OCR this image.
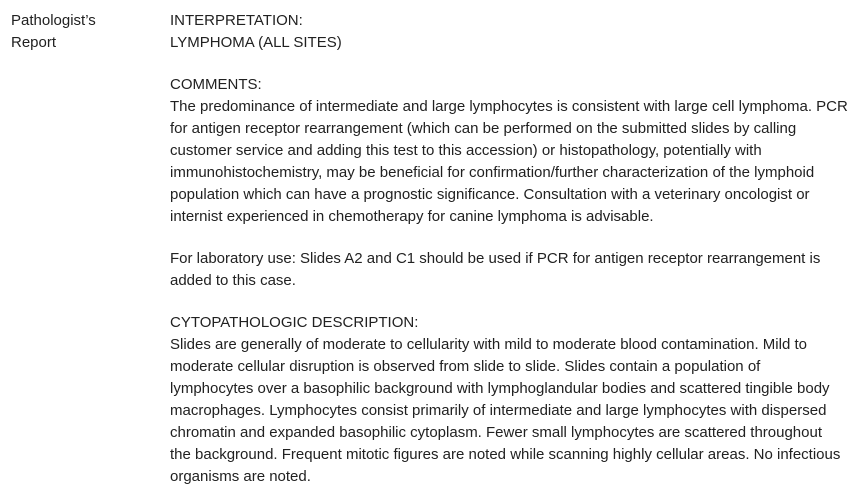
Pathologist’s
Report
INTERPRETATION:
LYMPHOMA (ALL SITES)
COMMENTS:
The predominance of intermediate and large lymphocytes is consistent with large cell lymphoma. PCR
for antigen receptor rearrangement (which can be performed on the submitted slides by calling
customer service and adding this test to this accession) or histopathology, potentially with
immunohistochemistry, may be beneficial for confirmation/further characterization of the lymphoid
population which can have a prognostic significance. Consultation with a veterinary oncologist or
internist experienced in chemotherapy for canine lymphoma is advisable.
For laboratory use: Slides A2 and C1 should be used if PCR for antigen receptor rearrangement is
added to this case.
CYTOPATHOLOGIC DESCRIPTION:
Slides are generally of moderate to cellularity with mild to moderate blood contamination. Mild to
moderate cellular disruption is observed from slide to slide. Slides contain a population of
lymphocytes over a basophilic background with lymphoglandular bodies and scattered tingible body
macrophages. Lymphocytes consist primarily of intermediate and large lymphocytes with dispersed
chromatin and expanded basophilic cytoplasm. Fewer small lymphocytes are scattered throughout
the background. Frequent mitotic figures are noted while scanning highly cellular areas. No infectious
organisms are noted.
